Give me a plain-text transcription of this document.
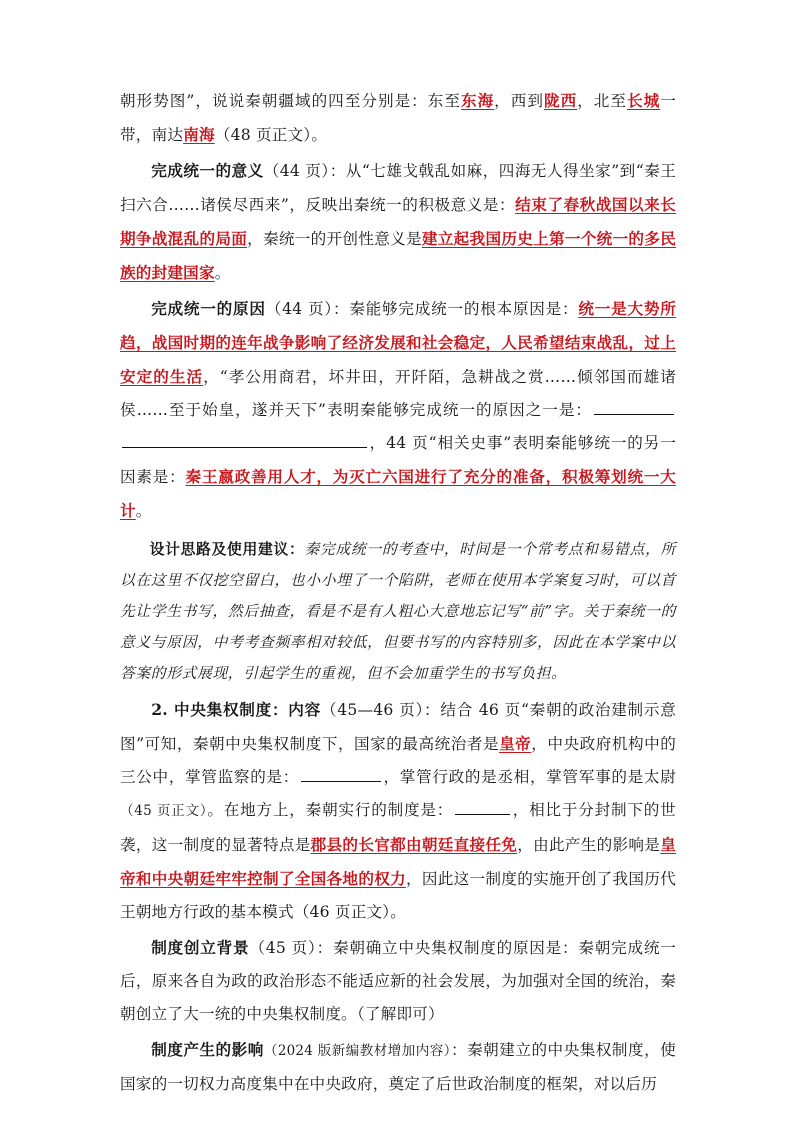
朝形势图”，说说秦朝疆域的四至分别是：东至东海，西到陇西，北至长城一带，南达南海（48 页正文）。

完成统一的意义（44 页）：从“七雄戈戟乱如麻，四海无人得坐家”到“秦王扫六合……诸侯尽西来”，反映出秦统一的积极意义是：结束了春秋战国以来长期争战混乱的局面，秦统一的开创性意义是建立起我国历史上第一个统一的多民族的封建国家。

完成统一的原因（44 页）：秦能够完成统一的根本原因是：统一是大势所趋，战国时期的连年战争影响了经济发展和社会稳定，人民希望结束战乱，过上安定的生活，“孝公用商君，坏井田，开阡陌，急耕战之赏……倾邻国而雄诸侯……至于始皇，遂并天下”表明秦能够完成统一的原因之一是：，44 页“相关史事”表明秦能够统一的另一因素是：秦王嬴政善用人才，为灭亡六国进行了充分的准备，积极筹划统一大计。

设计思路及使用建议：秦完成统一的考查中，时间是一个常考点和易错点，所以在这里不仅挖空留白，也小小埋了一个陷阱，老师在使用本学案复习时，可以首先让学生书写，然后抽查，看是不是有人粗心大意地忘记写“前”字。关于秦统一的意义与原因，中考考查频率相对较低，但要书写的内容特别多，因此在本学案中以答案的形式展现，引起学生的重视，但不会加重学生的书写负担。

2. 中央集权制度：内容（45—46 页）：结合 46 页“秦朝的政治建制示意图”可知，秦朝中央集权制度下，国家的最高统治者是皇帝，中央政府机构中的三公中，掌管监察的是：	，掌管行政的是丞相，掌管军事的是太尉（45 页正文）。在地方上，秦朝实行的制度是：	，相比于分封制下的世袭，这一制度的显著特点是郡县的长官都由朝廷直接任免，由此产生的影响是皇帝和中央朝廷牢牢控制了全国各地的权力，因此这一制度的实施开创了我国历代王朝地方行政的基本模式（46 页正文）。

制度创立背景（45 页）：秦朝确立中央集权制度的原因是：秦朝完成统一后，原来各自为政的政治形态不能适应新的社会发展，为加强对全国的统治，秦朝创立了大一统的中央集权制度。（了解即可）

制度产生的影响（2024 版新编教材增加内容）：秦朝建立的中央集权制度，使国家的一切权力高度集中在中央政府，奠定了后世政治制度的框架，对以后历
